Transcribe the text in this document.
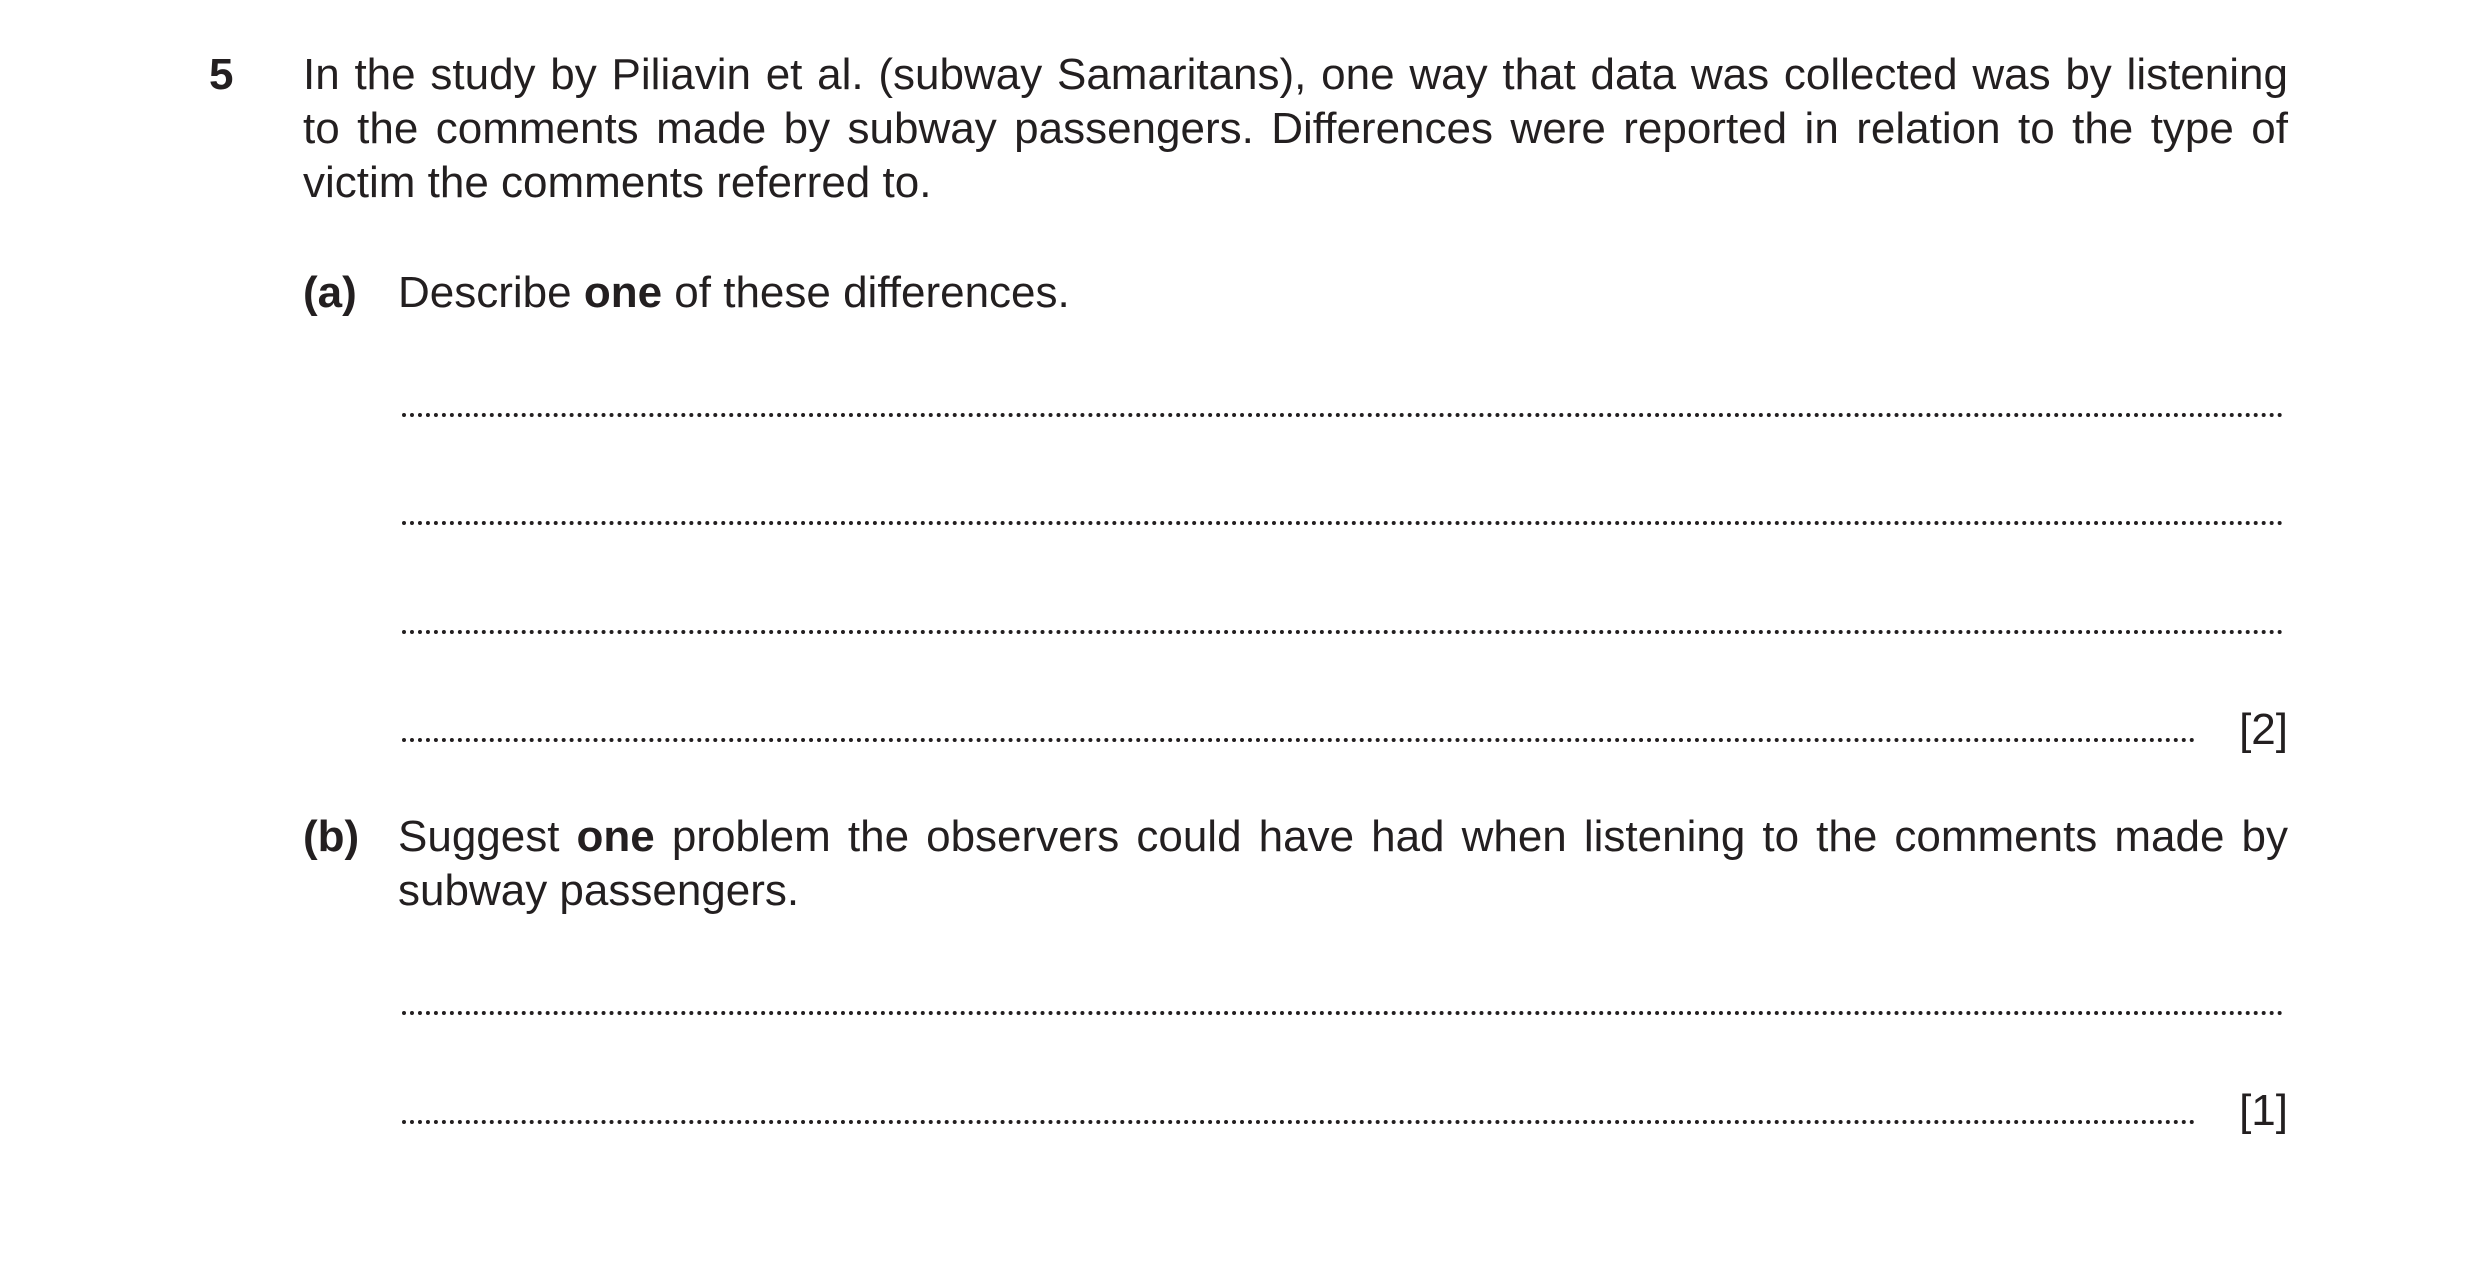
5 In the study by Piliavin et al. (subway Samaritans), one way that data was collected was by listening to the comments made by subway passengers. Differences were reported in relation to the type of victim the comments referred to.
(a) Describe one of these differences.
[2]
(b) Suggest one problem the observers could have had when listening to the comments made by subway passengers.
[1]
